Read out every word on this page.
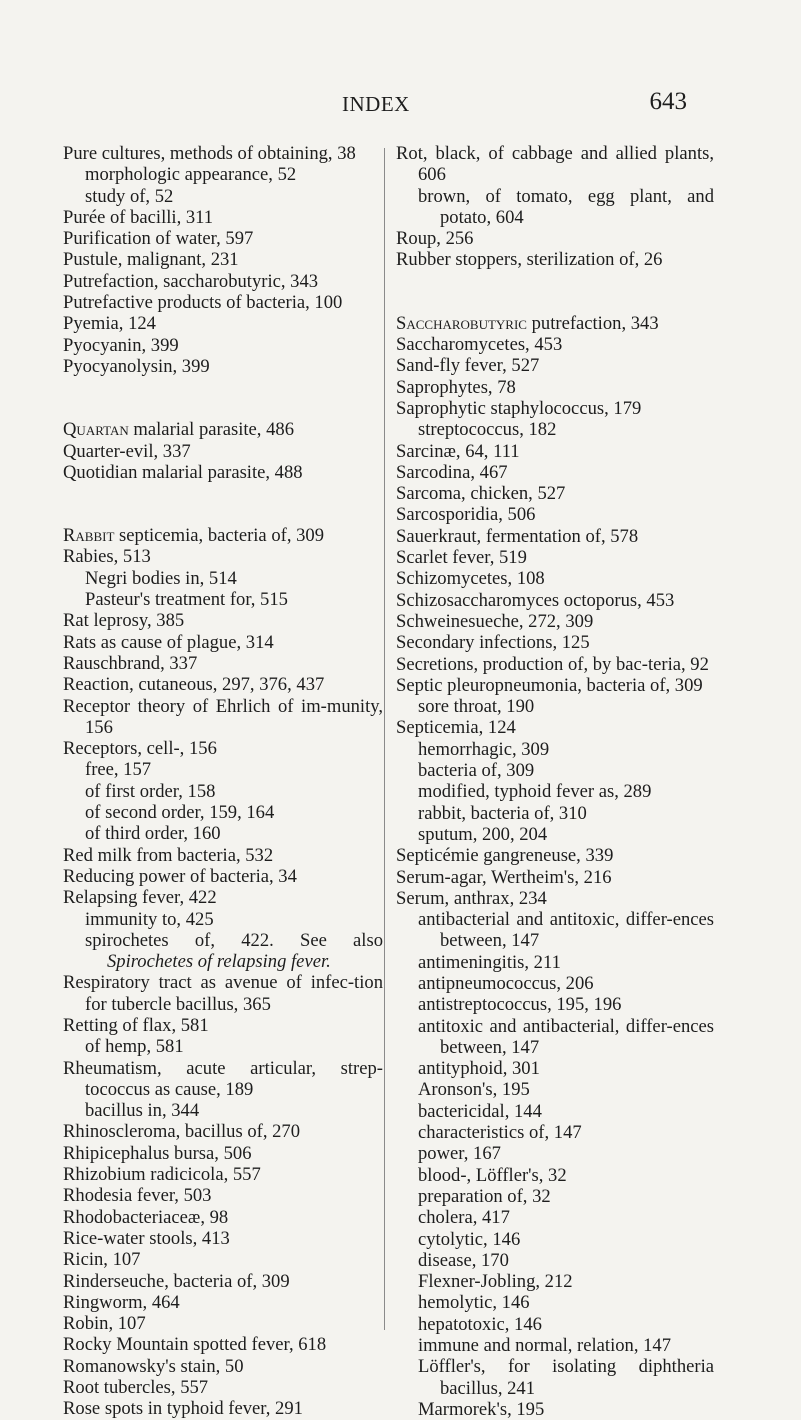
INDEX	643
Pure cultures, methods of obtaining, 38
morphologic appearance, 52
study of, 52
Purée of bacilli, 311
Purification of water, 597
Pustule, malignant, 231
Putrefaction, saccharobutyric, 343
Putrefactive products of bacteria, 100
Pyemia, 124
Pyocyanin, 399
Pyocyanolysin, 399
Quartan malarial parasite, 486
Quarter-evil, 337
Quotidian malarial parasite, 488
Rabbit septicemia, bacteria of, 309
Rabies, 513
Negri bodies in, 514
Pasteur's treatment for, 515
Rat leprosy, 385
Rats as cause of plague, 314
Rauschbrand, 337
Reaction, cutaneous, 297, 376, 437
Receptor theory of Ehrlich of im-munity, 156
Receptors, cell-, 156
free, 157
of first order, 158
of second order, 159, 164
of third order, 160
Red milk from bacteria, 532
Reducing power of bacteria, 34
Relapsing fever, 422
immunity to, 425
spirochetes of, 422. See also Spirochetes of relapsing fever.
Respiratory tract as avenue of infec-tion for tubercle bacillus, 365
Retting of flax, 581
of hemp, 581
Rheumatism, acute articular, strep-tococcus as cause, 189
bacillus in, 344
Rhinoscleroma, bacillus of, 270
Rhipicephalus bursa, 506
Rhizobium radicicola, 557
Rhodesia fever, 503
Rhodobacteriaceæ, 98
Rice-water stools, 413
Ricin, 107
Rinderseuche, bacteria of, 309
Ringworm, 464
Robin, 107
Rocky Mountain spotted fever, 618
Romanowsky's stain, 50
Root tubercles, 557
Rose spots in typhoid fever, 291
Rot, black, of cabbage and allied plants, 606
brown, of tomato, egg plant, and potato, 604
Roup, 256
Rubber stoppers, sterilization of, 26
Saccharobutyric putrefaction, 343
Saccharomycetes, 453
Sand-fly fever, 527
Saprophytes, 78
Saprophytic staphylococcus, 179
streptococcus, 182
Sarcinæ, 64, 111
Sarcodina, 467
Sarcoma, chicken, 527
Sarcosporidia, 506
Sauerkraut, fermentation of, 578
Scarlet fever, 519
Schizomycetes, 108
Schizosaccharomyces octoporus, 453
Schweinesueche, 272, 309
Secondary infections, 125
Secretions, production of, by bac-teria, 92
Septic pleuropneumonia, bacteria of, 309
sore throat, 190
Septicemia, 124
hemorrhagic, 309
bacteria of, 309
modified, typhoid fever as, 289
rabbit, bacteria of, 310
sputum, 200, 204
Septicémie gangreneuse, 339
Serum-agar, Wertheim's, 216
Serum, anthrax, 234
antibacterial and antitoxic, differ-ences between, 147
antimeningitis, 211
antipneumococcus, 206
antistreptococcus, 195, 196
antitoxic and antibacterial, differ-ences between, 147
antityphoid, 301
Aronson's, 195
bactericidal, 144
characteristics of, 147
power, 167
blood-, Löffler's, 32
preparation of, 32
cholera, 417
cytolytic, 146
disease, 170
Flexner-Jobling, 212
hemolytic, 146
hepatotoxic, 146
immune and normal, relation, 147
Löffler's, for isolating diphtheria bacillus, 241
Marmorek's, 195
